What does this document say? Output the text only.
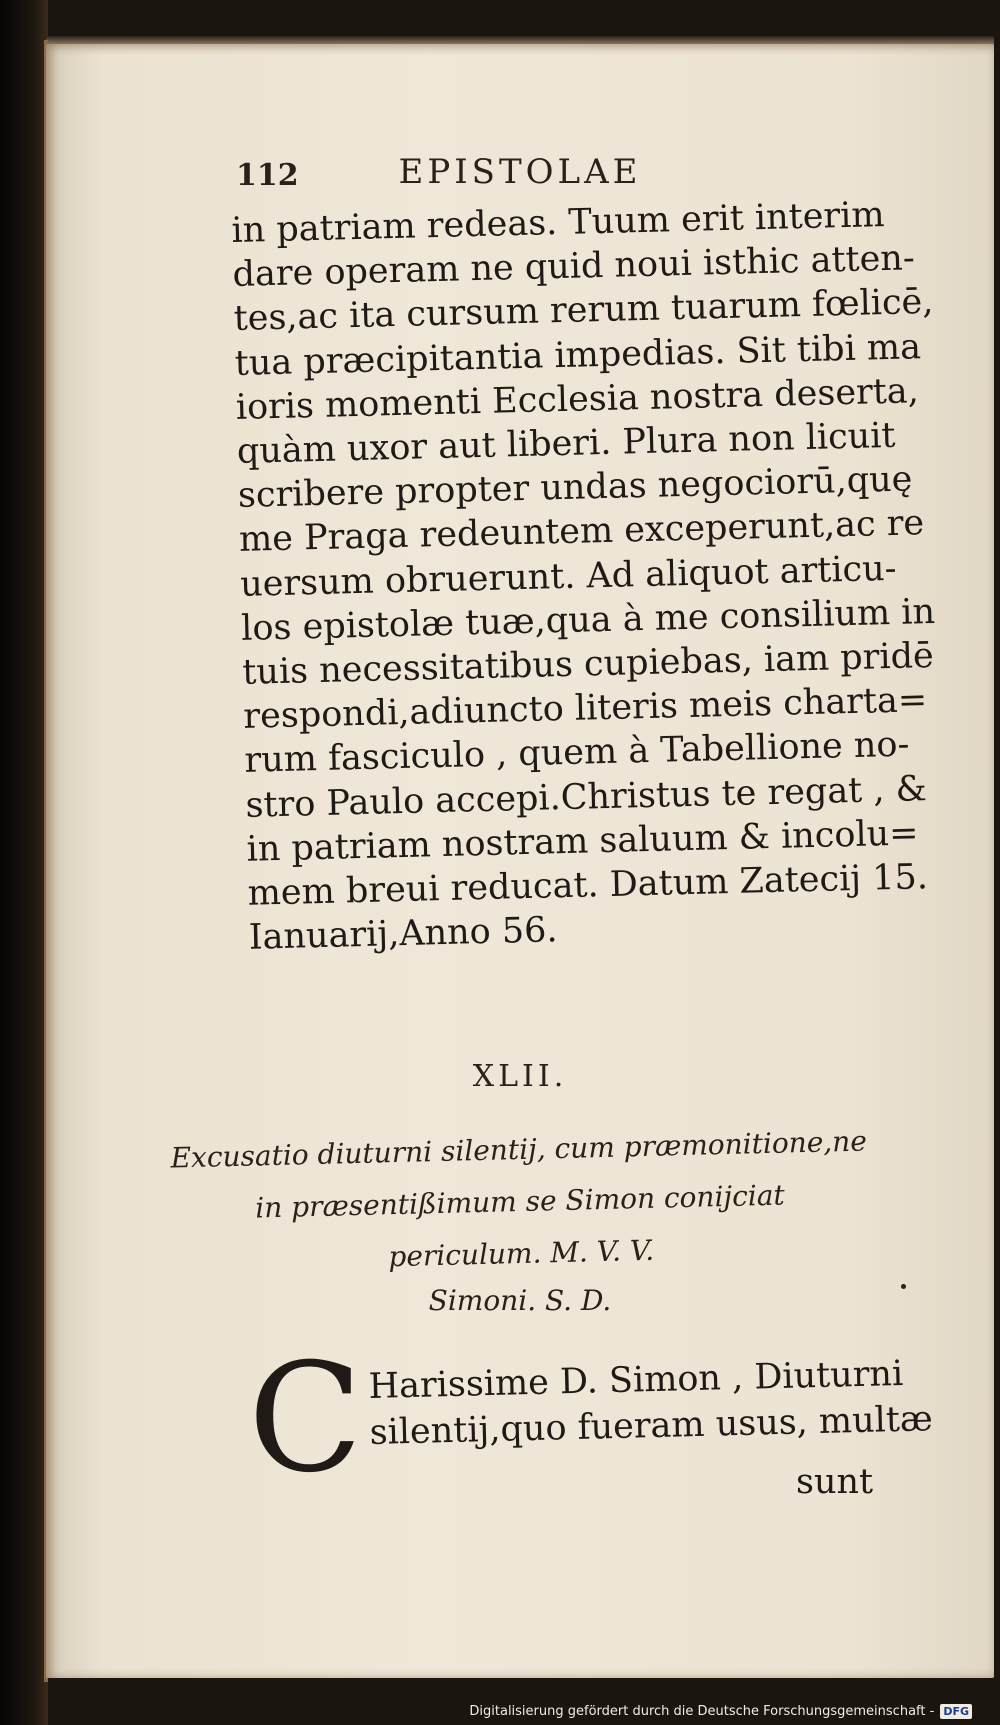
112	EPISTOLAE
in patriam redeas. Tuum erit interim
dare operam ne quid noui isthic atten-
tes,ac ita cursum rerum tuarum fœlicē,
tua præcipitantia impedias. Sit tibi ma
ioris momenti Ecclesia nostra deserta,
quàm uxor aut liberi. Plura non licuit
scribere propter undas negociorū,quę
me Praga redeuntem exceperunt,ac re
uersum obruerunt. Ad aliquot articu-
los epistolæ tuæ,qua à me consilium in
tuis necessitatibus cupiebas, iam pridē
respondi,adiuncto literis meis charta=
rum fasciculo , quem à Tabellione no-
stro Paulo accepi.Christus te regat , &
in patriam nostram saluum & incolu=
mem breui reducat. Datum Zatecij 15.
Ianuarij,Anno 56.
XLII.
Excusatio diuturni silentij, cum præmonitione,ne
in præsentißimum se Simon conijciat
periculum. M. V. V.
Simoni. S. D.
C Harissime D. Simon , Diuturni
silentij,quo fueram usus, multæ
sunt
Digitalisierung gefördert durch die Deutsche Forschungsgemeinschaft - DFG
